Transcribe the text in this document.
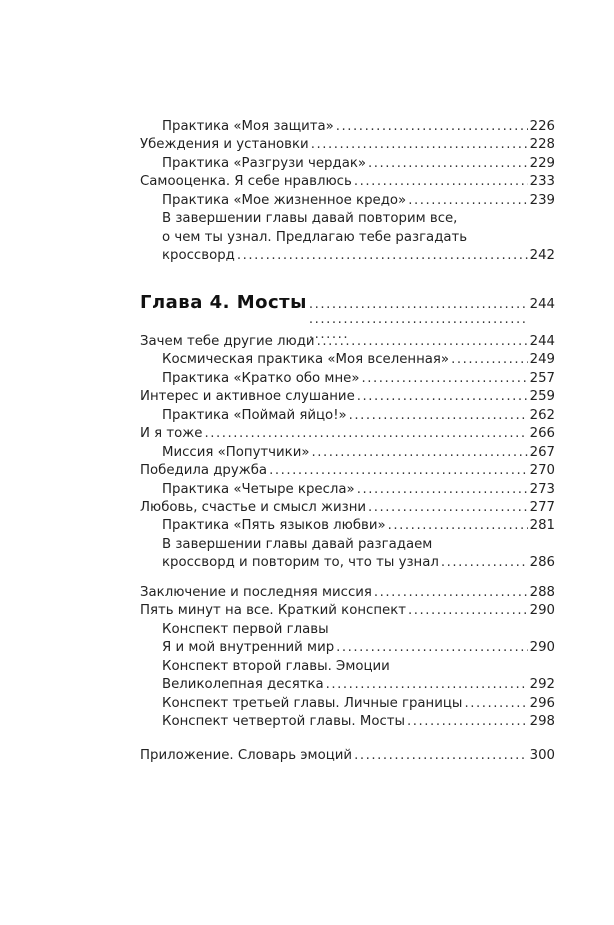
Практика «Моя защита» . . .	226
Убеждения и установки . . .	228
Практика «Разгрузи чердак» . . .	229
Самооценка. Я себе нравлюсь . . .	233
Практика «Мое жизненное кредо» . . .	239
В завершении главы давай повторим все,
о чем ты узнал. Предлагаю тебе разгадать
кроссворд . . .	242
Глава 4. Мосты . . .	244
Зачем тебе другие люди . . .	244
Космическая практика «Моя вселенная» . . .	249
Практика «Кратко обо мне» . . .	257
Интерес и активное слушание . . .	259
Практика «Поймай яйцо!» . . .	262
И я тоже . . .	266
Миссия «Попутчики» . . .	267
Победила дружба . . .	270
Практика «Четыре кресла» . . .	273
Любовь, счастье и смысл жизни . . .	277
Практика «Пять языков любви» . . .	281
В завершении главы давай разгадаем
кроссворд и повторим то, что ты узнал . . .	286
Заключение и последняя миссия . . .	288
Пять минут на все. Краткий конспект . . .	290
Конспект первой главы
Я и мой внутренний мир . . .	290
Конспект второй главы. Эмоции
Великолепная десятка . . .	292
Конспект третьей главы. Личные границы . . .	296
Конспект четвертой главы. Мосты . . .	298
Приложение. Словарь эмоций . . .	300
